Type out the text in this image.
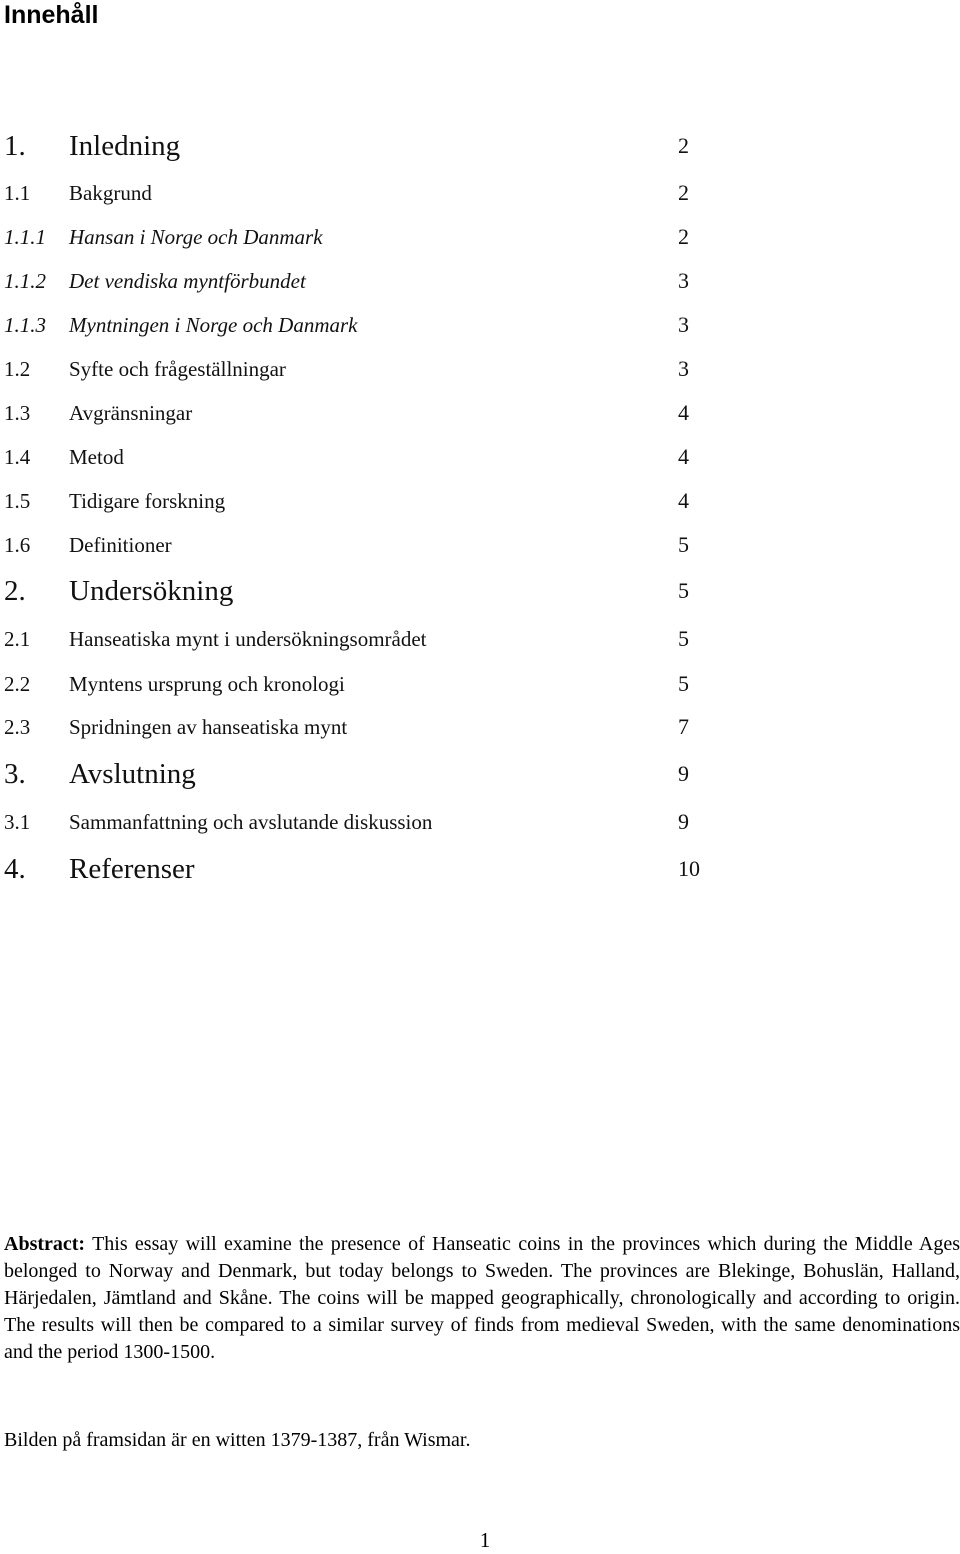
Innehåll
1. Inledning	2
1.1 Bakgrund	2
1.1.1 Hansan i Norge och Danmark	2
1.1.2 Det vendiska myntförbundet	3
1.1.3 Myntningen i Norge och Danmark	3
1.2 Syfte och frågeställningar	3
1.3 Avgränsningar	4
1.4 Metod	4
1.5 Tidigare forskning	4
1.6 Definitioner	5
2. Undersökning	5
2.1 Hanseatiska mynt i undersökningsområdet	5
2.2 Myntens ursprung och kronologi	5
2.3 Spridningen av hanseatiska mynt	7
3. Avslutning	9
3.1 Sammanfattning och avslutande diskussion	9
4. Referenser	10

Abstract: This essay will examine the presence of Hanseatic coins in the provinces which during the Middle Ages belonged to Norway and Denmark, but today belongs to Sweden. The provinces are Blekinge, Bohuslän, Halland, Härjedalen, Jämtland and Skåne. The coins will be mapped geographically, chronologically and according to origin. The results will then be compared to a similar survey of finds from medieval Sweden, with the same denominations and the period 1300-1500.

Bilden på framsidan är en witten 1379-1387, från Wismar.

1
